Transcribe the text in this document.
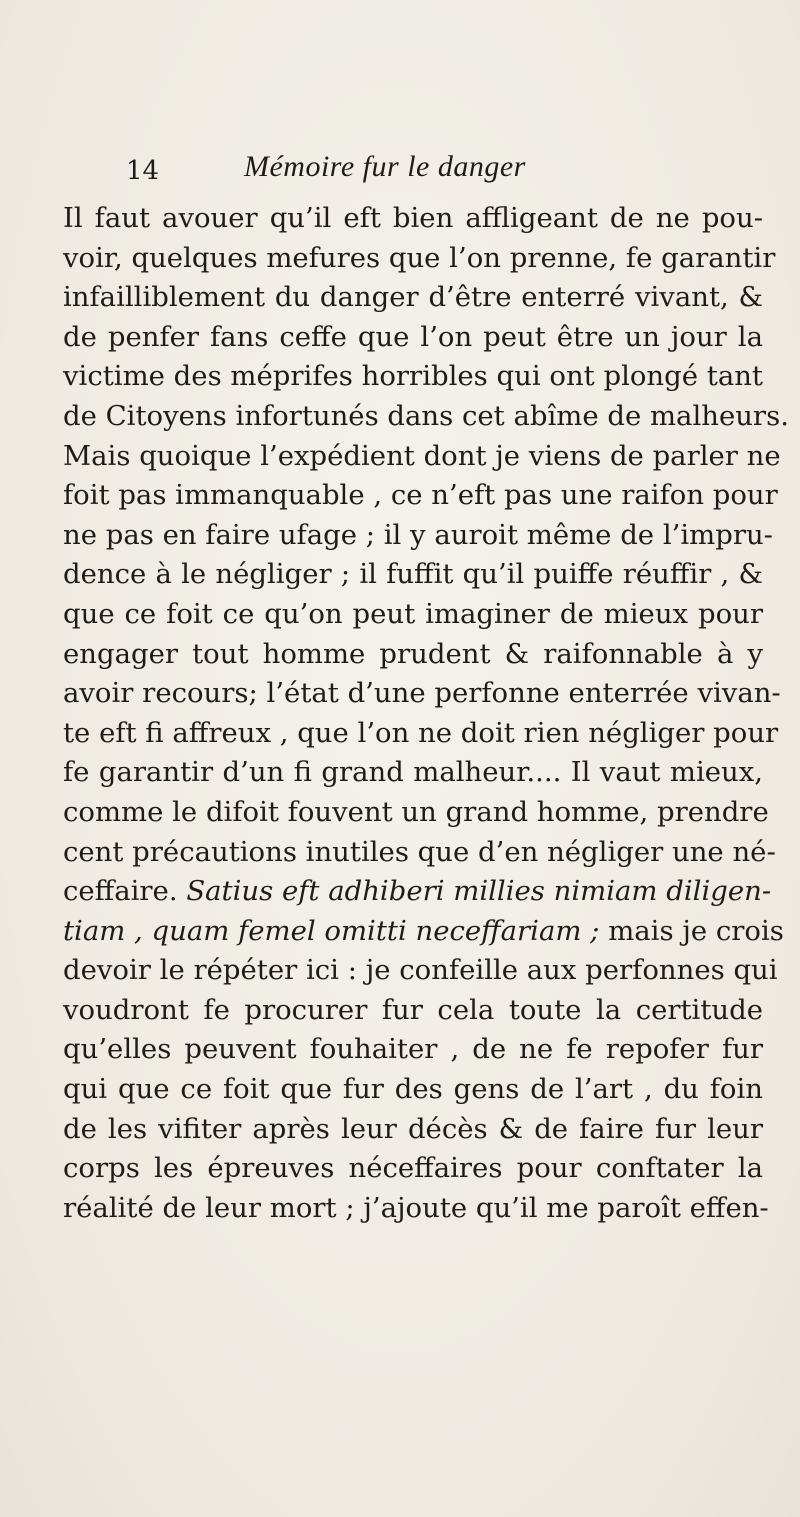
14	Mémoire fur le danger
Il faut avouer qu’il eft bien affligeant de ne pou-
voir, quelques mefures que l’on prenne, fe garantir
infailliblement du danger d’être enterré vivant, &
de penfer fans ceffe que l’on peut être un jour la
victime des méprifes horribles qui ont plongé tant
de Citoyens infortunés dans cet abîme de malheurs.
Mais quoique l’expédient dont je viens de parler ne
foit pas immanquable , ce n’eft pas une raifon pour
ne pas en faire ufage ; il y auroit même de l’impru-
dence à le négliger ; il fuffit qu’il puiffe réuffir , &
que ce foit ce qu’on peut imaginer de mieux pour
engager tout homme prudent & raifonnable à y
avoir recours; l’état d’une perfonne enterrée vivan-
te eft fi affreux , que l’on ne doit rien négliger pour
fe garantir d’un fi grand malheur.... Il vaut mieux,
comme le difoit fouvent un grand homme, prendre
cent précautions inutiles que d’en négliger une né-
ceffaire. Satius eft adhiberi millies nimiam diligen-
tiam , quam femel omitti neceffariam ; mais je crois
devoir le répéter ici : je confeille aux perfonnes qui
voudront fe procurer fur cela toute la certitude
qu’elles peuvent fouhaiter , de ne fe repofer fur
qui que ce foit que fur des gens de l’art , du foin
de les vifiter après leur décès & de faire fur leur
corps les épreuves néceffaires pour conftater la
réalité de leur mort ; j’ajoute qu’il me paroît effen-
